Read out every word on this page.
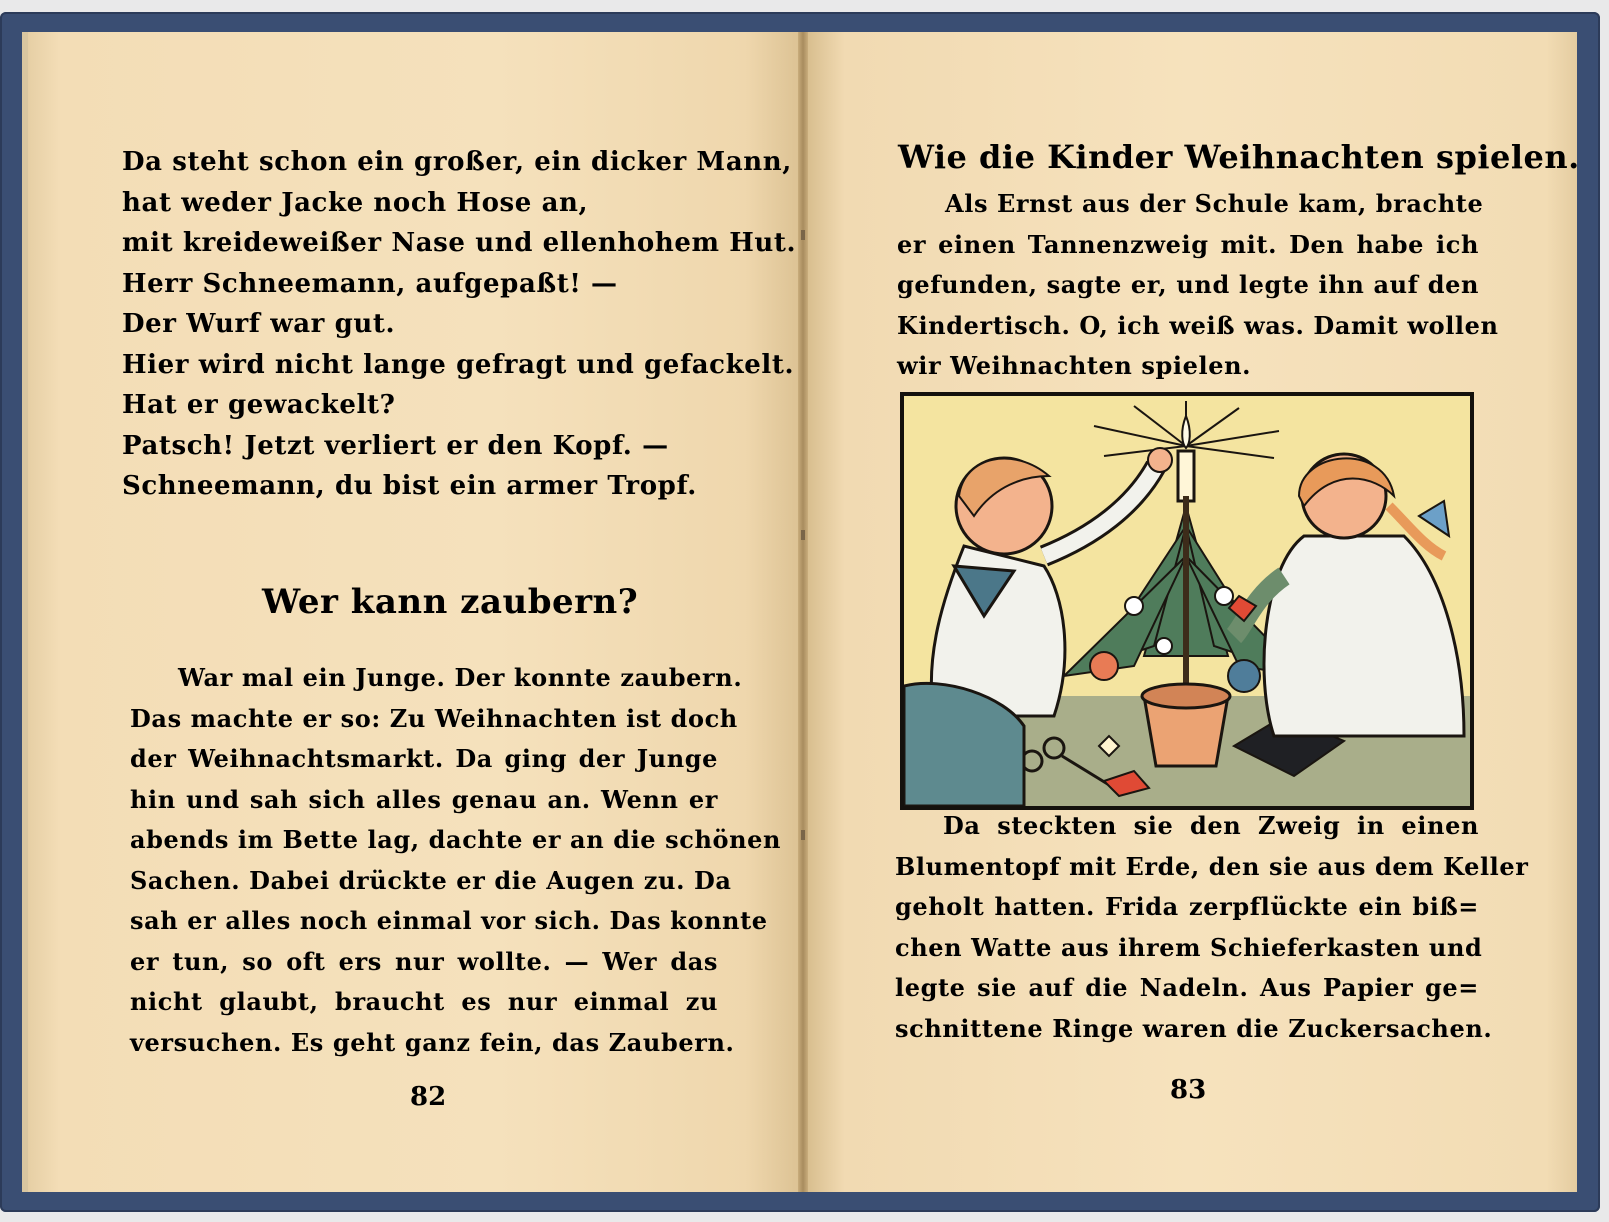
Da steht schon ein großer, ein dicker Mann,
hat weder Jacke noch Hose an,
mit kreideweißer Nase und ellenhohem Hut.
Herr Schneemann, aufgepaßt! —
Der Wurf war gut.
Hier wird nicht lange gefragt und gefackelt.
Hat er gewackelt?
Patsch! Jetzt verliert er den Kopf. —
Schneemann, du bist ein armer Tropf.
Wer kann zaubern?
War mal ein Junge. Der konnte zaubern.
Das machte er so: Zu Weihnachten ist doch
der Weihnachtsmarkt. Da ging der Junge
hin und sah sich alles genau an. Wenn er
abends im Bette lag, dachte er an die schönen
Sachen. Dabei drückte er die Augen zu. Da
sah er alles noch einmal vor sich. Das konnte
er tun, so oft ers nur wollte. — Wer das
nicht glaubt, braucht es nur einmal zu
versuchen. Es geht ganz fein, das Zaubern.
82
Wie die Kinder Weihnachten spielen.
Als Ernst aus der Schule kam, brachte
er einen Tannenzweig mit. Den habe ich
gefunden, sagte er, und legte ihn auf den
Kindertisch. O, ich weiß was. Damit wollen
wir Weihnachten spielen.
Da steckten sie den Zweig in einen
Blumentopf mit Erde, den sie aus dem Keller
geholt hatten. Frida zerpflückte ein biß=
chen Watte aus ihrem Schieferkasten und
legte sie auf die Nadeln. Aus Papier ge=
schnittene Ringe waren die Zuckersachen.
83
